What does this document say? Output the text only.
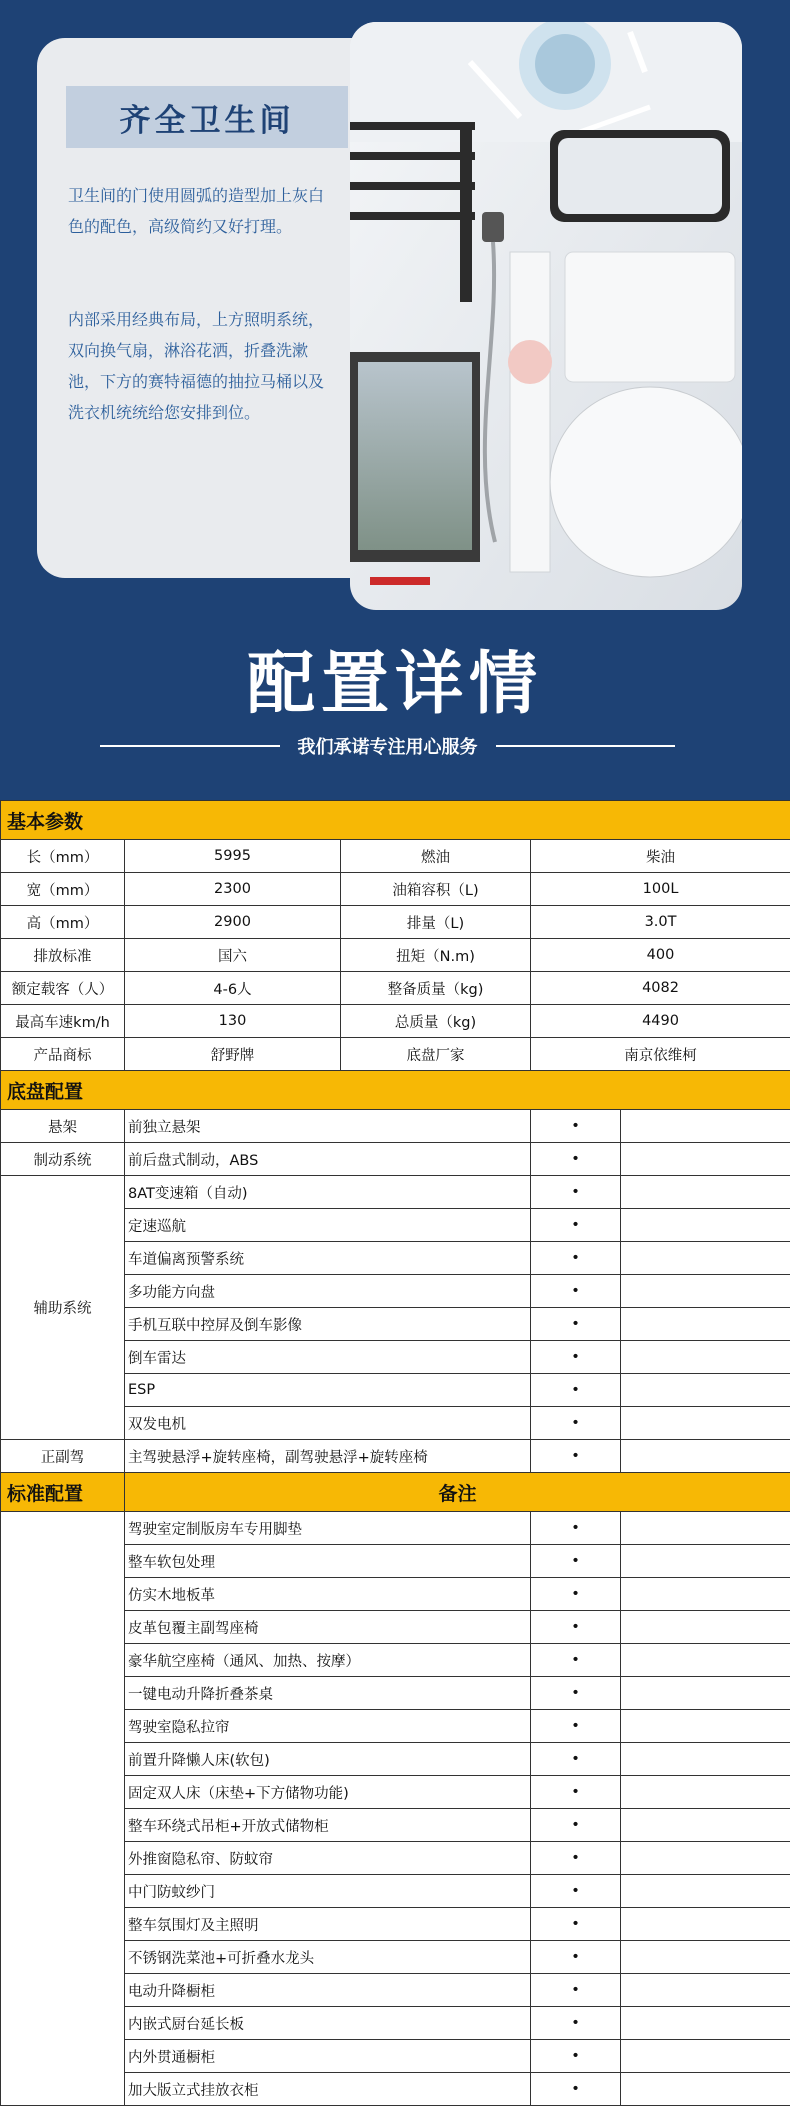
齐全卫生间

卫生间的门使用圆弧的造型加上灰白色的配色，高级简约又好打理。

内部采用经典布局，上方照明系统，双向换气扇，淋浴花洒，折叠洗漱池，下方的赛特福德的抽拉马桶以及洗衣机统统给您安排到位。

配置详情
我们承诺专注用心服务
基本参数				
长（mm）	5995	燃油	柴油	
宽（mm）	2300	油箱容积（L)	100L	
高（mm）	2900	排量（L)	3.0T	
排放标准	国六	扭矩（N.m)	400	
额定载客（人）	4-6人	整备质量（kg)	4082	
最高车速km/h	130	总质量（kg)	4490	
产品商标	舒野牌	底盘厂家	南京依维柯	
底盘配置				
悬架	前独立悬架		•	
制动系统	前后盘式制动，ABS		•	
辅助系统	8AT变速箱（自动)		•	
	定速巡航		•	
	车道偏离预警系统		•	
	多功能方向盘		•	
	手机互联中控屏及倒车影像		•	
	倒车雷达		•	
	ESP		•	
	双发电机		•	
正副驾	主驾驶悬浮+旋转座椅，副驾驶悬浮+旋转座椅		•	
标准配置	备注			
	驾驶室定制版房车专用脚垫		•	
	整车软包处理		•	
	仿实木地板革		•	
	皮革包覆主副驾座椅		•	
	豪华航空座椅（通风、加热、按摩）		•	
	一键电动升降折叠茶桌		•	
	驾驶室隐私拉帘		•	
	前置升降懒人床(软包)		•	
	固定双人床（床垫+下方储物功能)		•	
	整车环绕式吊柜+开放式储物柜		•	
	外推窗隐私帘、防蚊帘		•	
	中门防蚊纱门		•	
	整车氛围灯及主照明		•	
	不锈钢洗菜池+可折叠水龙头		•	
	电动升降橱柜		•	
	内嵌式厨台延长板		•	
	内外贯通橱柜		•	
	加大版立式挂放衣柜		•	
